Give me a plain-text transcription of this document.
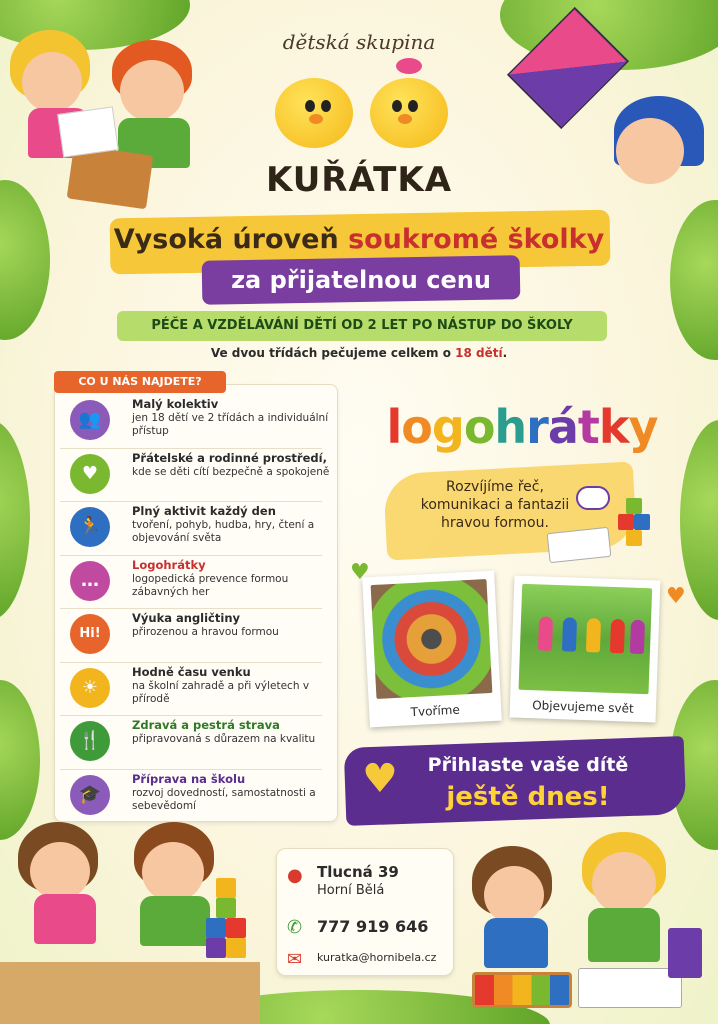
dětská skupina
KUŘÁTKA
Vysoká úroveň soukromé školky
za přijatelnou cenu
PÉČE A VZDĚLÁVÁNÍ DĚTÍ OD 2 LET PO NÁSTUP DO ŠKOLY
Ve dvou třídách pečujeme celkem o 18 dětí.
CO U NÁS NAJDETE?
👥
Malý kolektiv
jen 18 dětí ve 2 třídách a individuální přístup
♥
Přátelské a rodinné prostředí,
kde se děti cítí bezpečně a spokojeně
🏃
Plný aktivit každý den
tvoření, pohyb, hudba, hry, čtení a objevování světa
…
Logohrátky
logopedická prevence formou zábavných her
Hi!
Výuka angličtiny
přirozenou a hravou formou
☀
Hodně času venku
na školní zahradě a při výletech v přírodě
🍴
Zdravá a pestrá strava
připravovaná s důrazem na kvalitu
🎓
Příprava na školu
rozvoj dovedností, samostatnosti a sebevědomí
logohrátky
Rozvíjíme řeč, komunikaci a fantazii hravou formou.
Tvoříme	Objevujeme svět
♥
♥
♥	Přihlaste vaše dítě
ještě dnes!
● Tlucná 39
Horní Bělá
✆ 777 919 646
✉ kuratka@hornibela.cz
